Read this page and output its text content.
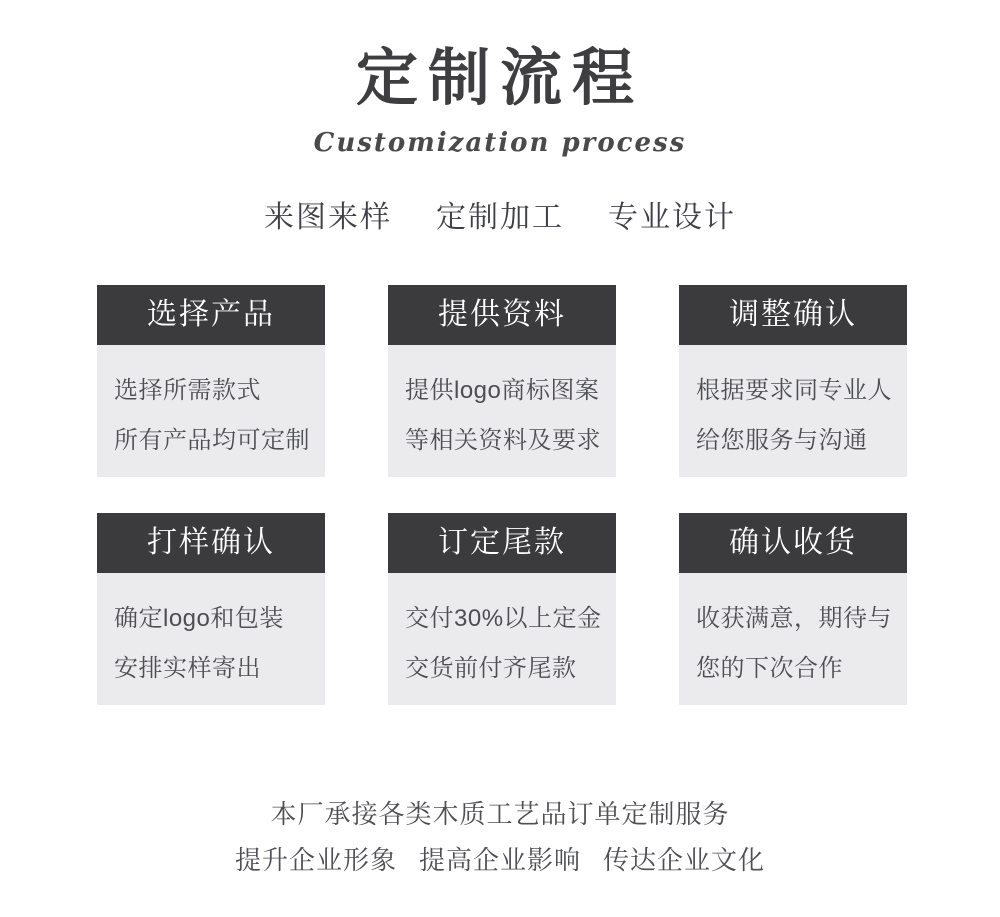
定制流程
Customization process
来图来样 定制加工 专业设计
选择产品
选择所需款式
所有产品均可定制
提供资料
提供logo商标图案
等相关资料及要求
调整确认
根据要求同专业人
给您服务与沟通
打样确认
确定logo和包装
安排实样寄出
订定尾款
交付30%以上定金
交货前付齐尾款
确认收货
收获满意，期待与
您的下次合作
本厂承接各类木质工艺品订单定制服务
提升企业形象 提高企业影响 传达企业文化
